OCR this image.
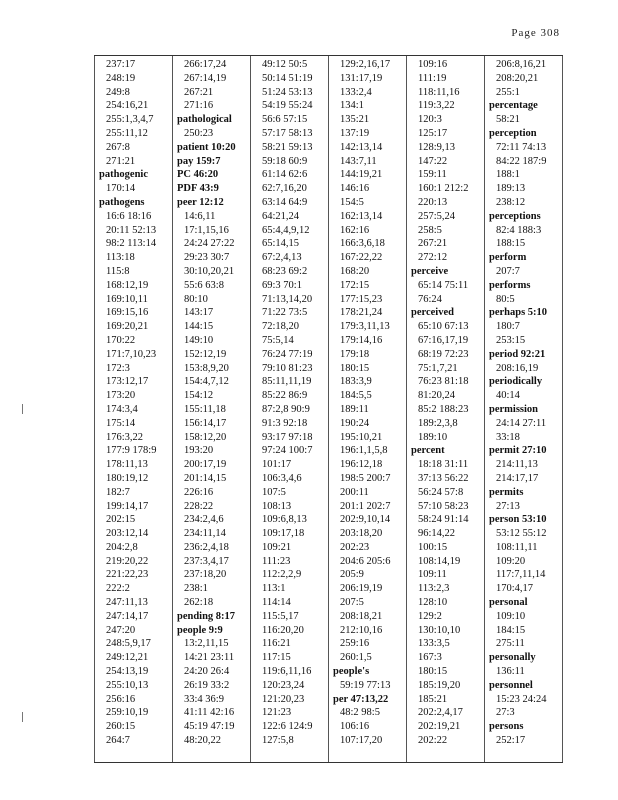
Page 308
237:17
248:19
249:8
254:16,21
255:1,3,4,7
255:11,12
267:8
271:21
pathogenic
170:14
pathogens
16:6 18:16
20:11 52:13
98:2 113:14
113:18
115:8
168:12,19
169:10,11
169:15,16
169:20,21
170:22
171:7,10,23
172:3
173:12,17
173:20
174:3,4
175:14
176:3,22
177:9 178:9
178:11,13
180:19,12
182:7
199:14,17
202:15
203:12,14
204:2,8
219:20,22
221:22,23
222:2
247:11,13
247:14,17
247:20
248:5,9,17
249:12,21
254:13,19
255:10,13
256:16
259:10,19
260:15
264:7
266:17,24
267:14,19
267:21
271:16
pathological
250:23
patient 10:20
pay 159:7
PC 46:20
PDF 43:9
peer 12:12
14:6,11
17:1,15,16
24:24 27:22
29:23 30:7
30:10,20,21
55:6 63:8
80:10
143:17
144:15
149:10
152:12,19
153:8,9,20
154:4,7,12
154:12
155:11,18
156:14,17
158:12,20
193:20
200:17,19
201:14,15
226:16
228:22
234:2,4,6
234:11,14
236:2,4,18
237:3,4,17
237:18,20
238:1
262:18
pending 8:17
people 9:9
13:2,11,15
14:21 23:11
24:20 26:4
26:19 33:2
33:4 36:9
41:11 42:16
45:19 47:19
48:20,22
49:12 50:5
50:14 51:19
51:24 53:13
54:19 55:24
56:6 57:15
57:17 58:13
58:21 59:13
59:18 60:9
61:14 62:6
62:7,16,20
63:14 64:9
64:21,24
65:4,4,9,12
65:14,15
67:2,4,13
68:23 69:2
69:3 70:1
71:13,14,20
71:22 73:5
72:18,20
75:5,14
76:24 77:19
79:10 81:23
85:11,11,19
85:22 86:9
87:2,8 90:9
91:3 92:18
93:17 97:18
97:24 100:7
101:17
106:3,4,6
107:5
108:13
109:6,8,13
109:17,18
109:21
111:23
112:2,2,9
113:1
114:14
115:5,17
116:20,20
116:21
117:15
119:6,11,16
120:23,24
121:20,23
121:23
122:6 124:9
127:5,8
129:2,16,17
131:17,19
133:2,4
134:1
135:21
137:19
142:13,14
143:7,11
144:19,21
146:16
154:5
162:13,14
162:16
166:3,6,18
167:22,22
168:20
172:15
177:15,23
178:21,24
179:3,11,13
179:14,16
179:18
180:15
183:3,9
184:5,5
189:11
190:24
195:10,21
196:1,1,5,8
196:12,18
198:5 200:7
200:11
201:1 202:7
202:9,10,14
203:18,20
202:23
204:6 205:6
205:9
206:19,19
207:5
208:18,21
212:10,16
259:16
260:1,5
people's
59:19 77:13
per 47:13,22
48:2 98:5
106:16
107:17,20
109:16
111:19
118:11,16
119:3,22
120:3
125:17
128:9,13
147:22
159:11
160:1 212:2
220:13
257:5,24
258:5
267:21
272:12
perceive
65:14 75:11
76:24
perceived
65:10 67:13
67:16,17,19
68:19 72:23
75:1,7,21
76:23 81:18
81:20,24
85:2 188:23
189:2,3,8
189:10
percent
18:18 31:11
37:13 56:22
56:24 57:8
57:10 58:23
58:24 91:14
96:14,22
100:15
108:14,19
109:11
113:2,3
128:10
129:2
130:10,10
133:3,5
167:3
180:15
185:19,20
185:21
202:2,4,17
202:19,21
202:22
206:8,16,21
208:20,21
255:1
percentage
58:21
perception
72:11 74:13
84:22 187:9
188:1
189:13
238:12
perceptions
82:4 188:3
188:15
perform
207:7
performs
80:5
perhaps 5:10
180:7
253:15
period 92:21
208:16,19
periodically
40:14
permission
24:14 27:11
33:18
permit 27:10
214:11,13
214:17,17
permits
27:13
person 53:10
53:12 55:12
108:11,11
109:20
117:7,11,14
170:4,17
personal
109:10
184:15
275:11
personally
136:11
personnel
15:23 24:24
27:3
persons
252:17
